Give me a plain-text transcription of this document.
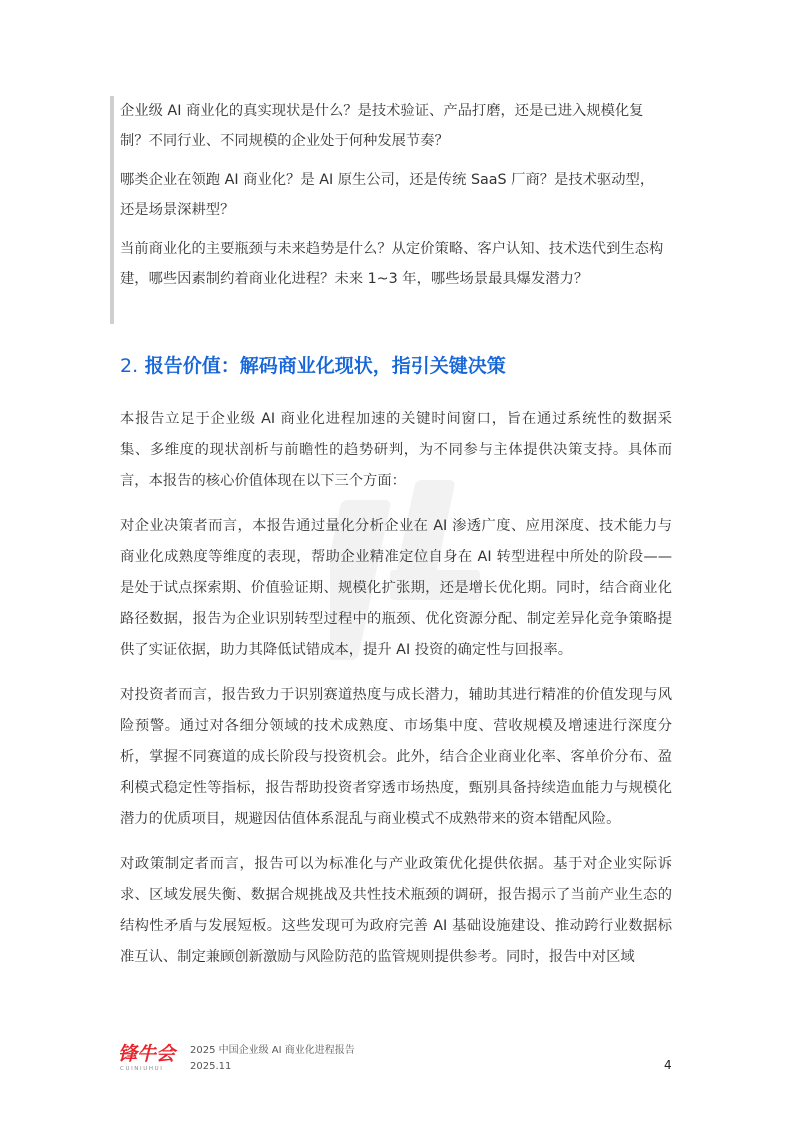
企业级 AI 商业化的真实现状是什么？是技术验证、产品打磨，还是已进入规模化复制？不同行业、不同规模的企业处于何种发展节奏？

哪类企业在领跑 AI 商业化？是 AI 原生公司，还是传统 SaaS 厂商？是技术驱动型，还是场景深耕型？

当前商业化的主要瓶颈与未来趋势是什么？从定价策略、客户认知、技术迭代到生态构建，哪些因素制约着商业化进程？未来 1~3 年，哪些场景最具爆发潜力？

2. 报告价值：解码商业化现状，指引关键决策

本报告立足于企业级 AI 商业化进程加速的关键时间窗口，旨在通过系统性的数据采集、多维度的现状剖析与前瞻性的趋势研判，为不同参与主体提供决策支持。具体而言，本报告的核心价值体现在以下三个方面：

对企业决策者而言，本报告通过量化分析企业在 AI 渗透广度、应用深度、技术能力与商业化成熟度等维度的表现，帮助企业精准定位自身在 AI 转型进程中所处的阶段——是处于试点探索期、价值验证期、规模化扩张期，还是增长优化期。同时，结合商业化路径数据，报告为企业识别转型过程中的瓶颈、优化资源分配、制定差异化竞争策略提供了实证依据，助力其降低试错成本，提升 AI 投资的确定性与回报率。

对投资者而言，报告致力于识别赛道热度与成长潜力，辅助其进行精准的价值发现与风险预警。通过对各细分领域的技术成熟度、市场集中度、营收规模及增速进行深度分析，掌握不同赛道的成长阶段与投资机会。此外，结合企业商业化率、客单价分布、盈利模式稳定性等指标，报告帮助投资者穿透市场热度，甄别具备持续造血能力与规模化潜力的优质项目，规避因估值体系混乱与商业模式不成熟带来的资本错配风险。

对政策制定者而言，报告可以为标准化与产业政策优化提供依据。基于对企业实际诉求、区域发展失衡、数据合规挑战及共性技术瓶颈的调研，报告揭示了当前产业生态的结构性矛盾与发展短板。这些发现可为政府完善 AI 基础设施建设、推动跨行业数据标准互认、制定兼顾创新激励与风险防范的监管规则提供参考。同时，报告中对区域

锋牛会
CUINIUHUI
2025 中国企业级 AI 商业化进程报告
2025.11	4
